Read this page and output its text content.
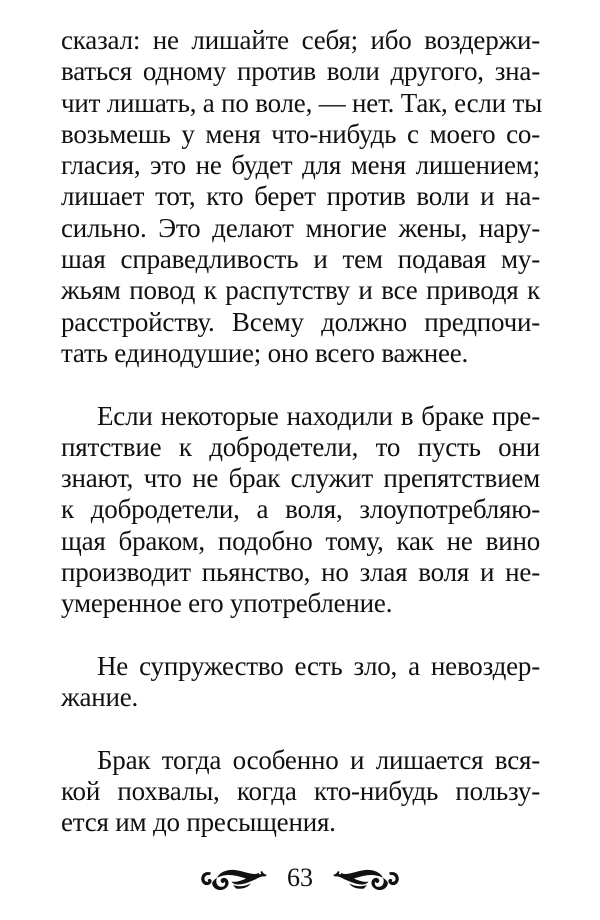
сказал: не лишайте себя; ибо воздержи-
ваться одному против воли другого, зна-
чит лишать, а по воле, — нет. Так, если ты
возьмешь у меня что-нибудь с моего со-
гласия, это не будет для меня лишением;
лишает тот, кто берет против воли и на-
сильно. Это делают многие жены, нару-
шая справедливость и тем подавая му-
жьям повод к распутству и все приводя к
расстройству. Всему должно предпочи-
тать единодушие; оно всего важнее.

Если некоторые находили в браке пре-
пятствие к добродетели, то пусть они
знают, что не брак служит препятствием
к добродетели, а воля, злоупотребляю-
щая браком, подобно тому, как не вино
производит пьянство, но злая воля и не-
умеренное его употребление.

Не супружество есть зло, а невоздер-
жание.

Брак тогда особенно и лишается вся-
кой похвалы, когда кто-нибудь пользу-
ется им до пресыщения.

63
